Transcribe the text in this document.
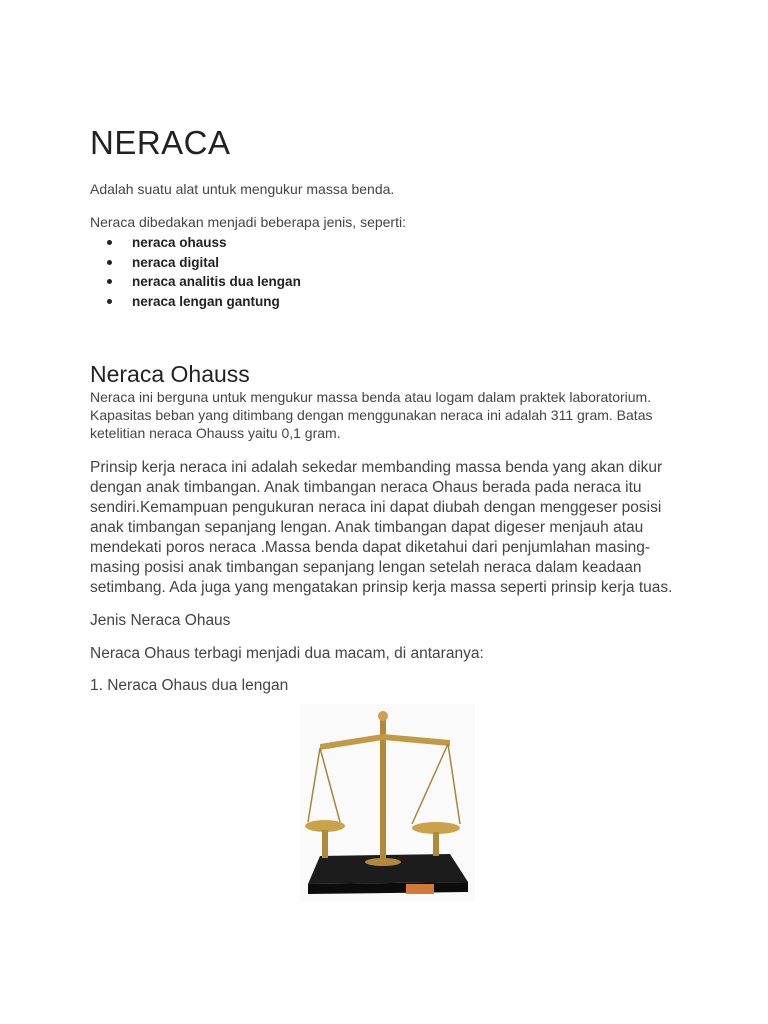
NERACA
Adalah suatu alat untuk mengukur massa benda.
Neraca dibedakan menjadi beberapa jenis, seperti:
neraca ohauss
neraca digital
neraca analitis dua lengan
neraca lengan gantung
Neraca Ohauss
Neraca ini berguna untuk mengukur massa benda atau logam dalam praktek laboratorium.
Kapasitas beban yang ditimbang dengan menggunakan neraca ini adalah 311 gram. Batas
ketelitian neraca Ohauss yaitu 0,1 gram.
Prinsip kerja neraca ini adalah sekedar membanding massa benda yang akan dikur
dengan anak timbangan. Anak timbangan neraca Ohaus berada pada neraca itu
sendiri.Kemampuan pengukuran neraca ini dapat diubah dengan menggeser posisi
anak timbangan sepanjang lengan. Anak timbangan dapat digeser menjauh atau
mendekati poros neraca .Massa benda dapat diketahui dari penjumlahan masing-
masing posisi anak timbangan sepanjang lengan setelah neraca dalam keadaan
setimbang. Ada juga yang mengatakan prinsip kerja massa seperti prinsip kerja tuas.
Jenis Neraca Ohaus
Neraca Ohaus terbagi menjadi dua macam, di antaranya:
1. Neraca Ohaus dua lengan
